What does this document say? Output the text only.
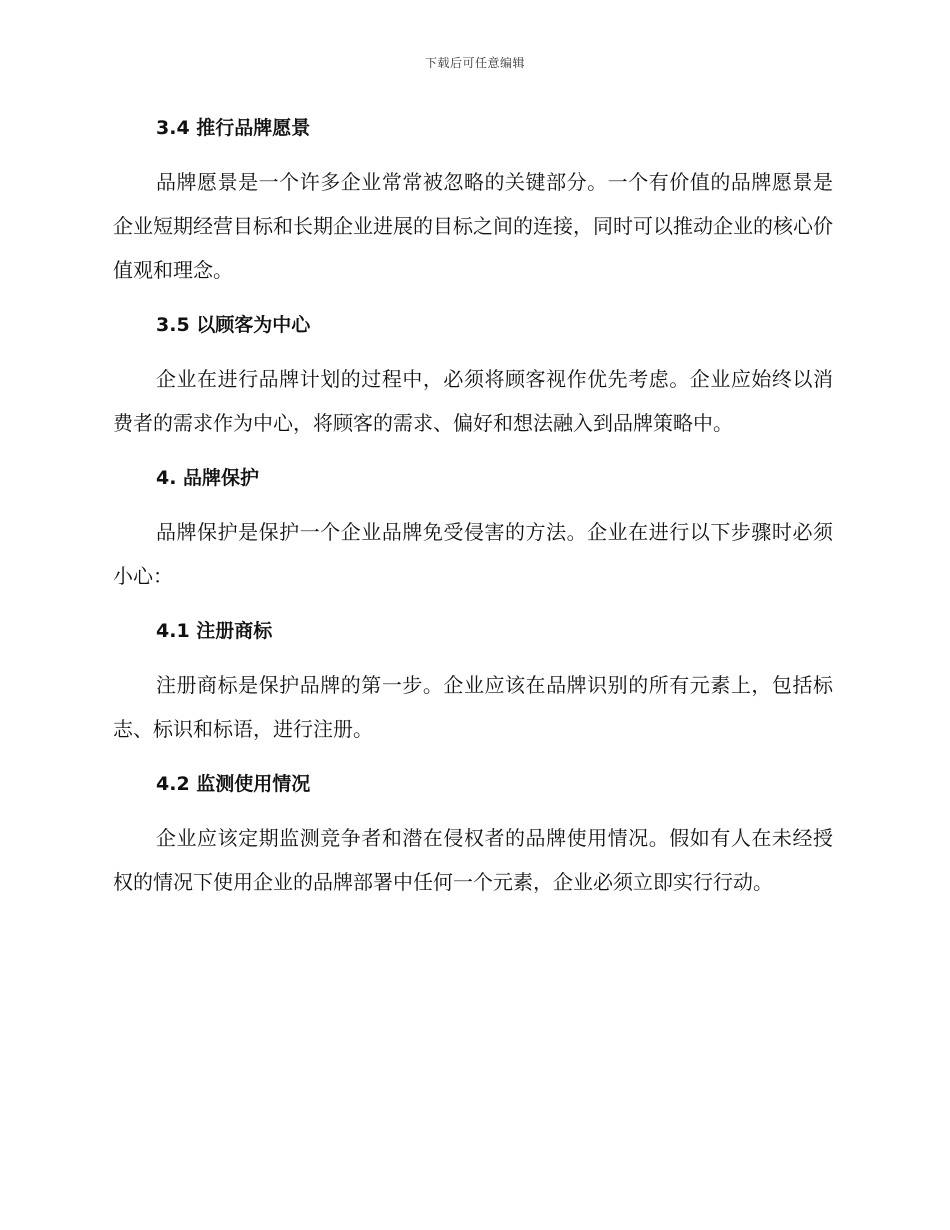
下载后可任意编辑
3.4 推行品牌愿景

品牌愿景是一个许多企业常常被忽略的关键部分。一个有价值的品牌愿景是企业短期经营目标和长期企业进展的目标之间的连接，同时可以推动企业的核心价值观和理念。

3.5 以顾客为中心

企业在进行品牌计划的过程中，必须将顾客视作优先考虑。企业应始终以消费者的需求作为中心，将顾客的需求、偏好和想法融入到品牌策略中。

4. 品牌保护

品牌保护是保护一个企业品牌免受侵害的方法。企业在进行以下步骤时必须小心：

4.1 注册商标

注册商标是保护品牌的第一步。企业应该在品牌识别的所有元素上，包括标志、标识和标语，进行注册。

4.2 监测使用情况

企业应该定期监测竞争者和潜在侵权者的品牌使用情况。假如有人在未经授权的情况下使用企业的品牌部署中任何一个元素，企业必须立即实行行动。
